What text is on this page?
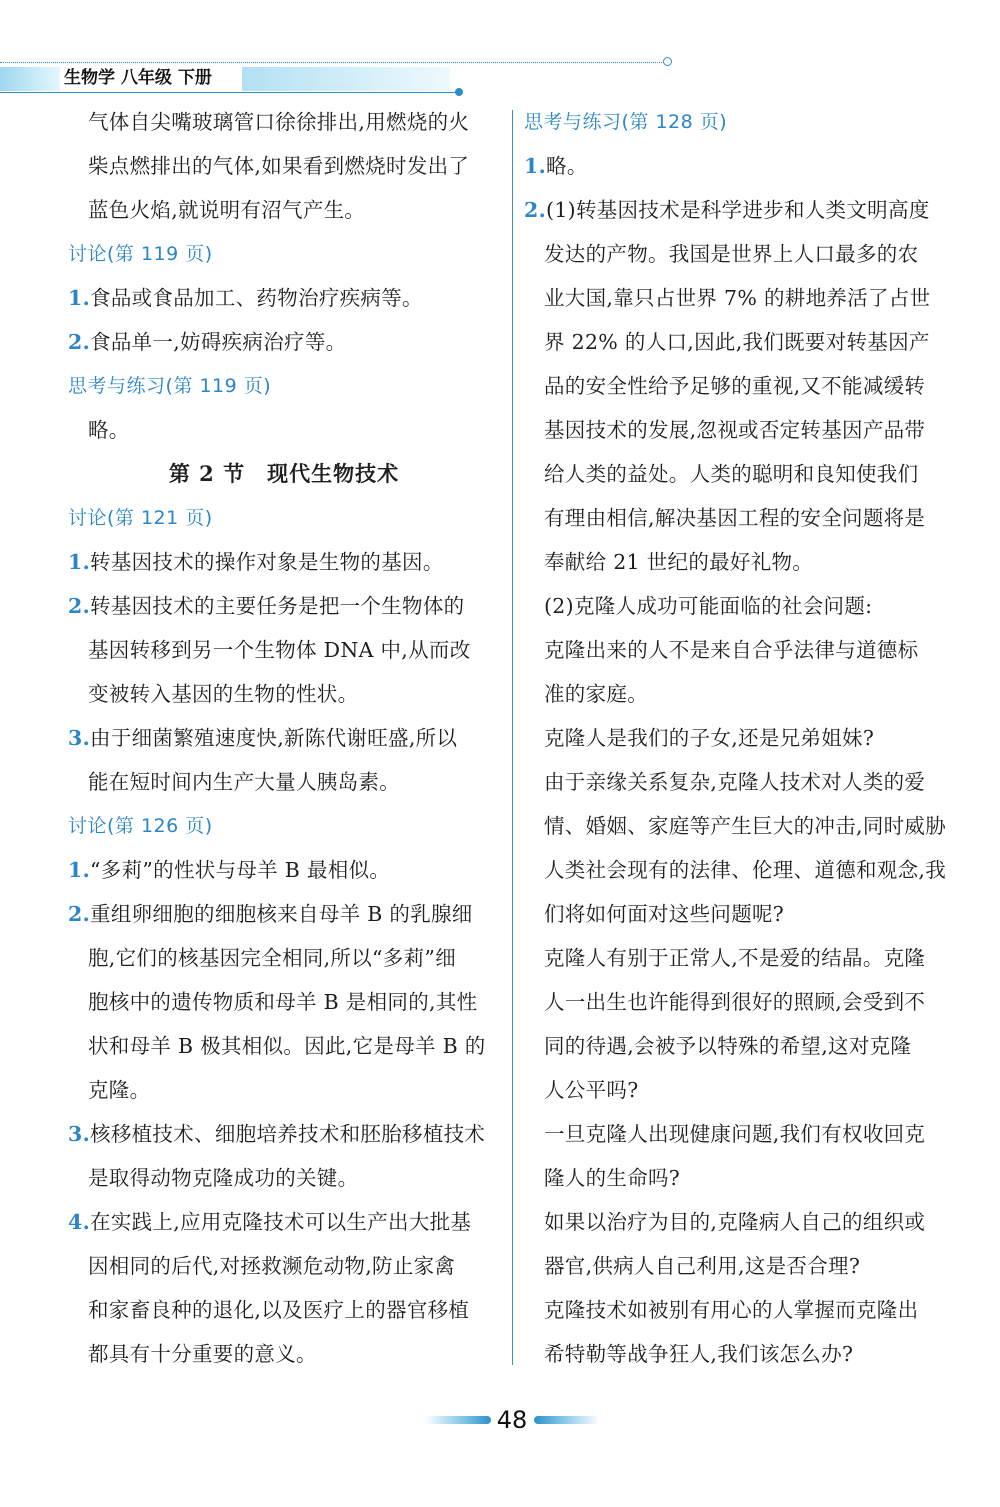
生物学 八年级 下册
气体自尖嘴玻璃管口徐徐排出,用燃烧的火
柴点燃排出的气体,如果看到燃烧时发出了
蓝色火焰,就说明有沼气产生。
讨论(第 119 页)
1.食品或食品加工、药物治疗疾病等。
2.食品单一,妨碍疾病治疗等。
思考与练习(第 119 页)
略。
第 2 节　现代生物技术
讨论(第 121 页)
1.转基因技术的操作对象是生物的基因。
2.转基因技术的主要任务是把一个生物体的
基因转移到另一个生物体 DNA 中,从而改
变被转入基因的生物的性状。
3.由于细菌繁殖速度快,新陈代谢旺盛,所以
能在短时间内生产大量人胰岛素。
讨论(第 126 页)
1.“多莉”的性状与母羊 B 最相似。
2.重组卵细胞的细胞核来自母羊 B 的乳腺细
胞,它们的核基因完全相同,所以“多莉”细
胞核中的遗传物质和母羊 B 是相同的,其性
状和母羊 B 极其相似。因此,它是母羊 B 的
克隆。
3.核移植技术、细胞培养技术和胚胎移植技术
是取得动物克隆成功的关键。
4.在实践上,应用克隆技术可以生产出大批基
因相同的后代,对拯救濒危动物,防止家禽
和家畜良种的退化,以及医疗上的器官移植
都具有十分重要的意义。
思考与练习(第 128 页)
1.略。
2.(1)转基因技术是科学进步和人类文明高度
发达的产物。我国是世界上人口最多的农
业大国,靠只占世界 7% 的耕地养活了占世
界 22% 的人口,因此,我们既要对转基因产
品的安全性给予足够的重视,又不能减缓转
基因技术的发展,忽视或否定转基因产品带
给人类的益处。人类的聪明和良知使我们
有理由相信,解决基因工程的安全问题将是
奉献给 21 世纪的最好礼物。
(2)克隆人成功可能面临的社会问题:
克隆出来的人不是来自合乎法律与道德标
准的家庭。
克隆人是我们的子女,还是兄弟姐妹?
由于亲缘关系复杂,克隆人技术对人类的爱
情、婚姻、家庭等产生巨大的冲击,同时威胁
人类社会现有的法律、伦理、道德和观念,我
们将如何面对这些问题呢?
克隆人有别于正常人,不是爱的结晶。克隆
人一出生也许能得到很好的照顾,会受到不
同的待遇,会被予以特殊的希望,这对克隆
人公平吗?
一旦克隆人出现健康问题,我们有权收回克
隆人的生命吗?
如果以治疗为目的,克隆病人自己的组织或
器官,供病人自己利用,这是否合理?
克隆技术如被别有用心的人掌握而克隆出
希特勒等战争狂人,我们该怎么办?
48
